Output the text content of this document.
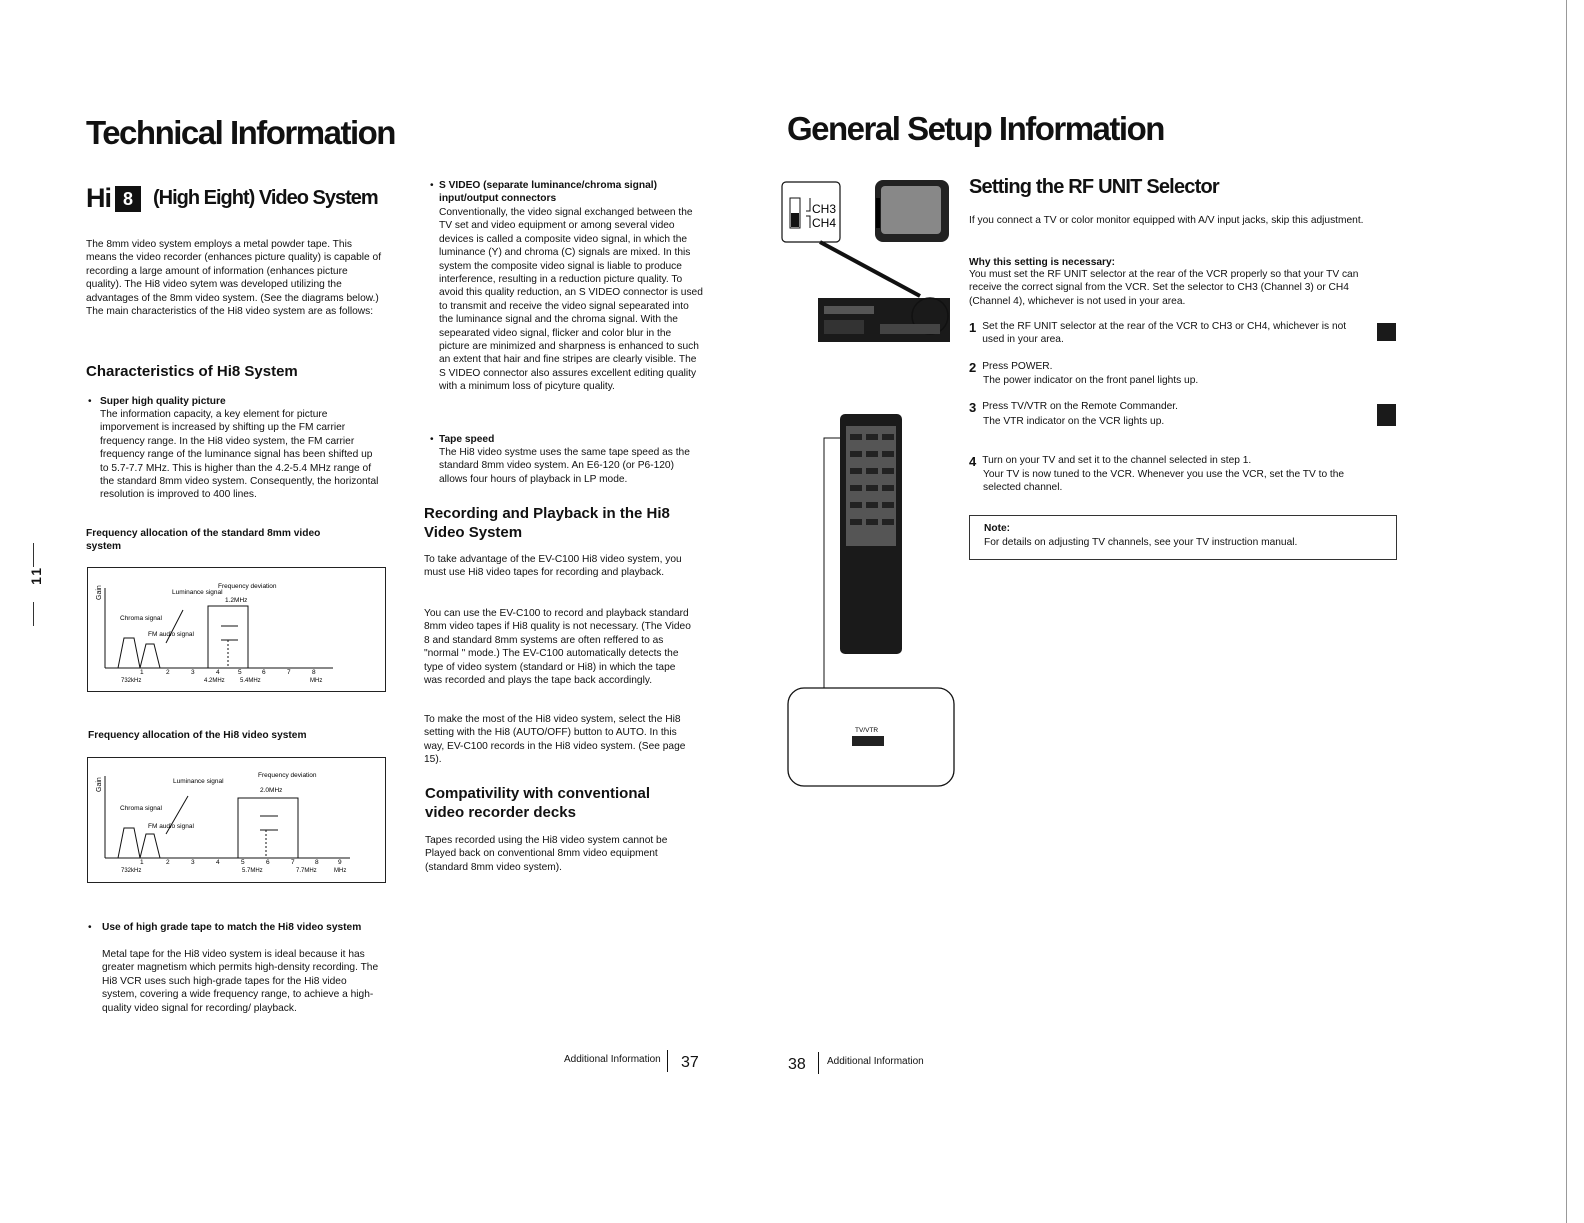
Technical Information
Hi 8	(High Eight) Video System
The 8mm video system employs a metal powder tape. This means the video recorder (enhances picture quality) is capable of recording a large amount of information (enhances picture quality). The Hi8 video sytem was developed utilizing the advantages of the 8mm video system. (See the diagrams below.) The main characteristics of the Hi8 video system are as follows:
Characteristics of Hi8 System
• Super high quality picture
The information capacity, a key element for picture imporvement is increased by shifting up the FM carrier frequency range. In the Hi8 video system, the FM carrier frequency range of the luminance signal has been shifted up to 5.7-7.7 MHz. This is higher than the 4.2-5.4 MHz range of the standard 8mm video system. Consequently, the horizontal resolution is improved to 400 lines.
Frequency allocation of the standard 8mm video system
Gain	Luminance signal
Frequency deviation
1.2MHz
Chroma signal
FM audio signal
1	2	3	4	5	6	7	8
732kHz	4.2MHz	5.4MHz	MHz
Frequency allocation of the Hi8 video system
Gain	Luminance signal
Frequency deviation
2.0MHz
Chroma signal
FM audio signal
1	2	3	4	5	6	7	8	9
732kHz	5.7MHz	7.7MHz	MHz
• Use of high grade tape to match the Hi8 video system
Metal tape for the Hi8 video system is ideal because it has greater magnetism which permits high-density recording. The Hi8 VCR uses such high-grade tapes for the Hi8 video system, covering a wide frequency range, to achieve a high-quality video signal for recording/ playback.
• S VIDEO (separate luminance/chroma signal) input/output connectors
Conventionally, the video signal exchanged between the TV set and video equipment or among several video devices is called a composite video signal, in which the luminance (Y) and chroma (C) signals are mixed. In this system the composite video signal is liable to produce interference, resulting in a reduction picture quality. To avoid this quality reduction, an S VIDEO connector is used to transmit and receive the video signal sepearated into the luminance signal and the chroma signal. With the sepearated video signal, flicker and color blur in the picture are minimized and sharpness is enhanced to such an extent that hair and fine stripes are clearly visible. The S VIDEO connector also assures excellent editing quality with a minimum loss of picyture quality.
• Tape speed
The Hi8 video systme uses the same tape speed as the standard 8mm video system. An E6-120 (or P6-120) allows four hours of playback in LP mode.
Recording and Playback in the Hi8 Video System
To take advantage of the EV-C100 Hi8 video system, you must use Hi8 video tapes for recording and playback.
You can use the EV-C100 to record and playback standard 8mm video tapes if Hi8 quality is not necessary. (The Video 8 and standard 8mm systems are often reffered to as "normal " mode.) The EV-C100 automatically detects the type of video system (standard or Hi8) in which the tape was recorded and plays the tape back accordingly.
To make the most of the Hi8 video system, select the Hi8 setting with the Hi8 (AUTO/OFF) button to AUTO. In this way, EV-C100 records in the Hi8 video system. (See page 15).
Compativility with conventional video recorder decks
Tapes recorded using the Hi8 video system cannot be Played back on conventional 8mm video equipment (standard 8mm video system).
11
Additional Information 37
General Setup Information
CH3
CH4
TV/VTR
Setting the RF UNIT Selector
If you connect a TV or color monitor equipped with A/V input jacks, skip this adjustment.
Why this setting is necessary:
You must set the RF UNIT selector at the rear of the VCR properly so that your TV can receive the correct signal from the VCR. Set the selector to CH3 (Channel 3) or CH4 (Channel 4), whichever is not used in your area.
1 Set the RF UNIT selector at the rear of the VCR to CH3 or CH4, whichever is not used in your area.
2 Press POWER.
The power indicator on the front panel lights up.
3 Press TV/VTR on the Remote Commander.
The VTR indicator on the VCR lights up.
4 Turn on your TV and set it to the channel selected in step 1.
Your TV is now tuned to the VCR. Whenever you use the VCR, set the TV to the selected channel.
Note:
For details on adjusting TV channels, see your TV instruction manual.
38 Additional Information
